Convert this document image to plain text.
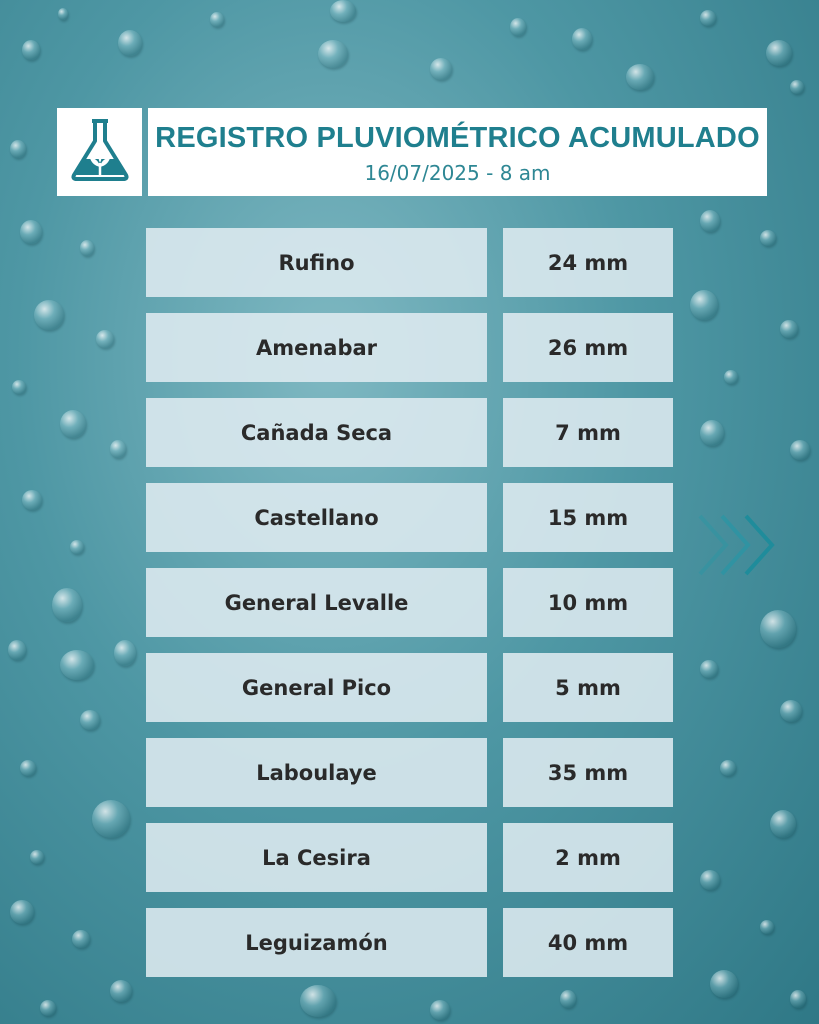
REGISTRO PLUVIOMÉTRICO ACUMULADO
16/07/2025 - 8 am
Rufino	24 mm
Amenabar	26 mm
Cañada Seca	7 mm
Castellano	15 mm
General Levalle	10 mm
General Pico	5 mm
Laboulaye	35 mm
La Cesira	2 mm
Leguizamón	40 mm
